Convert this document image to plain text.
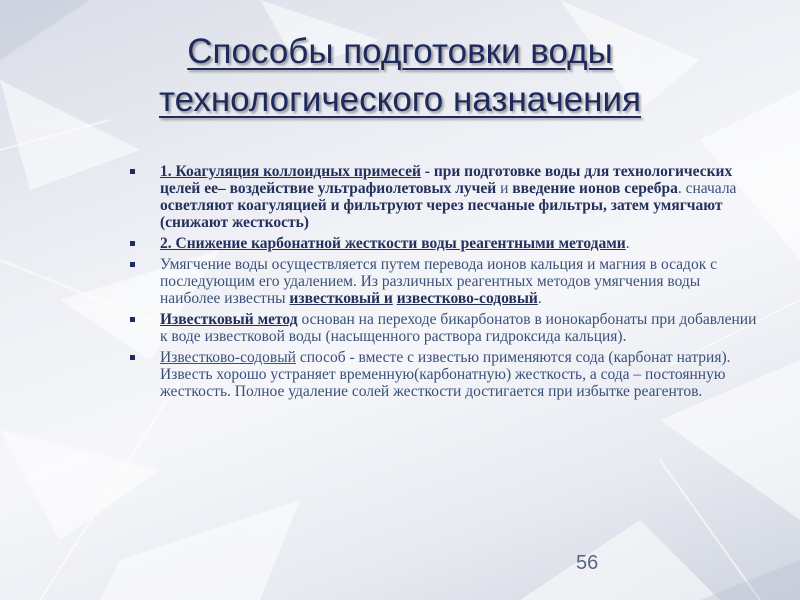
Способы подготовки воды
технологического назначения
1. Коагуляция коллоидных примесей - при подготовке воды для технологических целей ее– воздействие ультрафиолетовых лучей и введение ионов серебра. сначала осветляют коагуляцией и фильтруют через песчаные фильтры, затем умягчают (снижают жесткость)
2. Снижение карбонатной жесткости воды реагентными методами.
Умягчение воды осуществляется путем перевода ионов кальция и магния в осадок с последующим его удалением. Из различных реагентных методов умягчения воды наиболее известны известковый и известково-содовый.
Известковый метод основан на переходе бикарбонатов в ионокарбонаты при добавлении к воде известковой воды (насыщенного раствора гидроксида кальция).
Известково-содовый способ - вместе с известью применяются сода (карбонат натрия). Известь хорошо устраняет временную(карбонатную) жесткость, а сода – постоянную жесткость. Полное удаление солей жесткости достигается при избытке реагентов.
56
